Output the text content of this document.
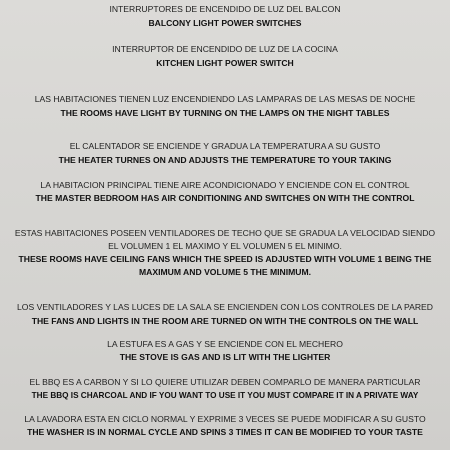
INTERRUPTORES DE ENCENDIDO DE LUZ DEL BALCON
BALCONY LIGHT POWER SWITCHES
INTERRUPTOR DE ENCENDIDO DE LUZ DE LA COCINA
KITCHEN LIGHT POWER SWITCH
LAS HABITACIONES TIENEN LUZ ENCENDIENDO LAS LAMPARAS DE LAS MESAS DE NOCHE
THE ROOMS HAVE LIGHT BY TURNING ON THE LAMPS ON THE NIGHT TABLES
EL CALENTADOR SE ENCIENDE Y GRADUA LA TEMPERATURA A SU GUSTO
THE HEATER TURNES ON AND ADJUSTS THE TEMPERATURE TO YOUR TAKING
LA HABITACION PRINCIPAL TIENE AIRE ACONDICIONADO Y ENCIENDE CON EL CONTROL
THE MASTER BEDROOM HAS AIR CONDITIONING AND SWITCHES ON WITH THE CONTROL
ESTAS HABITACIONES POSEEN VENTILADORES DE TECHO QUE SE GRADUA LA VELOCIDAD SIENDO
EL VOLUMEN 1 EL MAXIMO Y EL VOLUMEN 5 EL MINIMO.
THESE ROOMS HAVE CEILING FANS WHICH THE SPEED IS ADJUSTED WITH VOLUME 1 BEING THE
MAXIMUM AND VOLUME 5 THE MINIMUM.
LOS VENTILADORES Y LAS LUCES DE LA SALA SE ENCIENDEN CON LOS CONTROLES DE LA PARED
THE FANS AND LIGHTS IN THE ROOM ARE TURNED ON WITH THE CONTROLS ON THE WALL
LA ESTUFA ES A GAS Y SE ENCIENDE CON EL MECHERO
THE STOVE IS GAS AND IS LIT WITH THE LIGHTER
EL BBQ ES A CARBON Y SI LO QUIERE UTILIZAR DEBEN COMPARLO DE MANERA PARTICULAR
THE BBQ IS CHARCOAL AND IF YOU WANT TO USE IT YOU MUST COMPARE IT IN A PRIVATE WAY
LA LAVADORA ESTA EN CICLO NORMAL Y EXPRIME 3 VECES SE PUEDE MODIFICAR A SU GUSTO
THE WASHER IS IN NORMAL CYCLE AND SPINS 3 TIMES IT CAN BE MODIFIED TO YOUR TASTE
